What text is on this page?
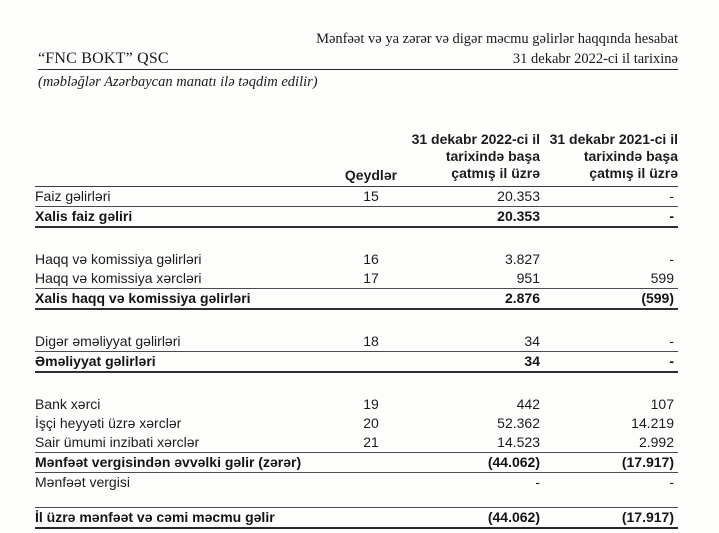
Mənfəət və ya zərər və digər məcmu gəlirlər haqqında hesabat
“FNC BOKT” QSC	31 dekabr 2022-ci il tarixinə
(məbləğlər Azərbaycan manatı ilə təqdim edilir)
	Qeydlər	31 dekabr 2022-ci il tarixində başa çatmış il üzrə	31 dekabr 2021-ci il tarixində başa çatmış il üzrə

Faiz gəlirləri	15	20.353	-
Xalis faiz gəliri		20.353	-

Haqq və komissiya gəlirləri	16	3.827	-
Haqq və komissiya xərcləri	17	951	599
Xalis haqq və komissiya gəlirləri		2.876	(599)

Digər əməliyyat gəlirləri	18	34	-
Əməliyyat gəlirləri		34	-

Bank xərci	19	442	107
İşçi heyyəti üzrə xərclər	20	52.362	14.219
Sair ümumi inzibati xərclər	21	14.523	2.992
Mənfəət vergisindən əvvəlki gəlir (zərər)		(44.062)	(17.917)
Mənfəət vergisi		-	-

İl üzrə mənfəət və cəmi məcmu gəlir		(44.062)	(17.917)
